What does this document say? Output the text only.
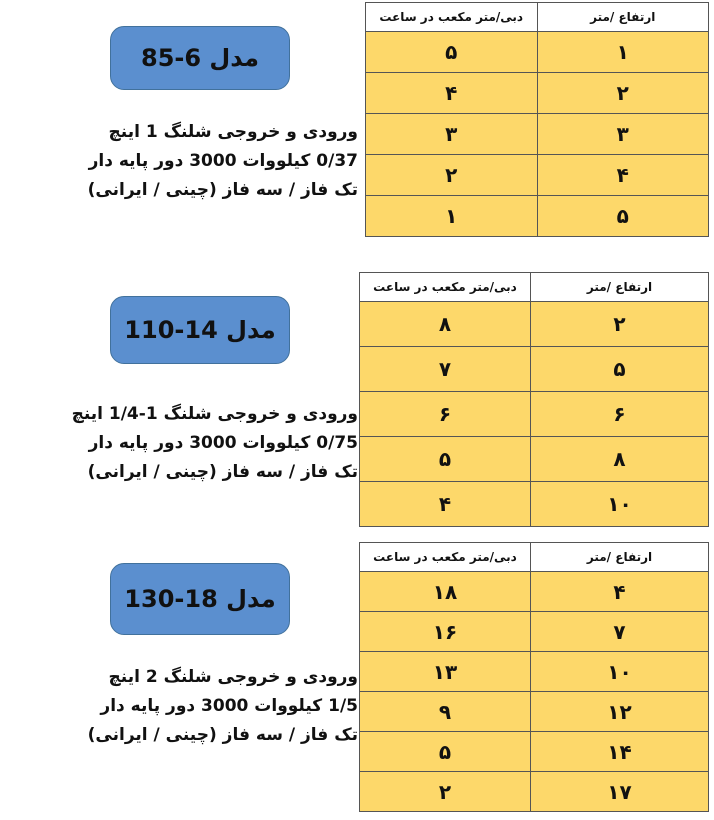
مدل 6-85
ورودی و خروجی شلنگ 1 اینچ
0/37 کیلووات 3000 دور پایه دار
تک فاز / سه فاز (چینی / ایرانی)
ارتفاع /متر	دبی/متر مکعب در ساعت
۱	۵
۲	۴
۳	۳
۴	۲
۵	۱
مدل 14-110
ورودی و خروجی شلنگ 1-1/4 اینچ
0/75 کیلووات 3000 دور پایه دار
تک فاز / سه فاز (چینی / ایرانی)
ارتفاع /متر	دبی/متر مکعب در ساعت
۲	۸
۵	۷
۶	۶
۸	۵
۱۰	۴
مدل 18-130
ورودی و خروجی شلنگ 2 اینچ
1/5 کیلووات 3000 دور پایه دار
تک فاز / سه فاز (چینی / ایرانی)
ارتفاع /متر	دبی/متر مکعب در ساعت
۴	۱۸
۷	۱۶
۱۰	۱۳
۱۲	۹
۱۴	۵
۱۷	۲
